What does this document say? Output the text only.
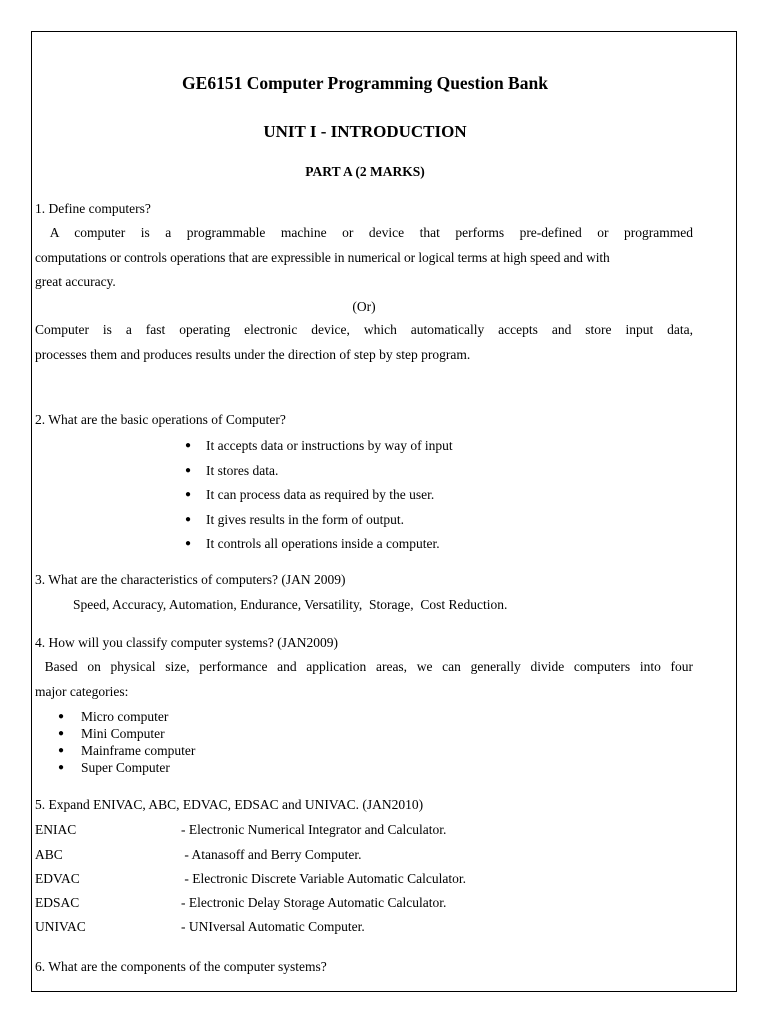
GE6151 Computer Programming Question Bank
UNIT I - INTRODUCTION
PART A (2 MARKS)
1. Define computers?
A computer is a programmable machine or device that performs pre-defined or programmed
computations or controls operations that are expressible in numerical or logical terms at high speed and with
great accuracy.
(Or)
Computer is a fast operating electronic device, which automatically accepts and store input data,
processes them and produces results under the direction of step by step program.
2. What are the basic operations of Computer?
● It accepts data or instructions by way of input
● It stores data.
● It can process data as required by the user.
● It gives results in the form of output.
● It controls all operations inside a computer.
3. What are the characteristics of computers? (JAN 2009)
Speed, Accuracy, Automation, Endurance, Versatility,  Storage,  Cost Reduction.
4. How will you classify computer systems? (JAN2009)
Based on physical size, performance and application areas, we can generally divide computers into four
major categories:
● Micro computer
● Mini Computer
● Mainframe computer
● Super Computer
5. Expand ENIVAC, ABC, EDVAC, EDSAC and UNIVAC. (JAN2010)
ENIAC	- Electronic Numerical Integrator and Calculator.
ABC	- Atanasoff and Berry Computer.
EDVAC	- Electronic Discrete Variable Automatic Calculator.
EDSAC	- Electronic Delay Storage Automatic Calculator.
UNIVAC	- UNIversal Automatic Computer.
6. What are the components of the computer systems?
